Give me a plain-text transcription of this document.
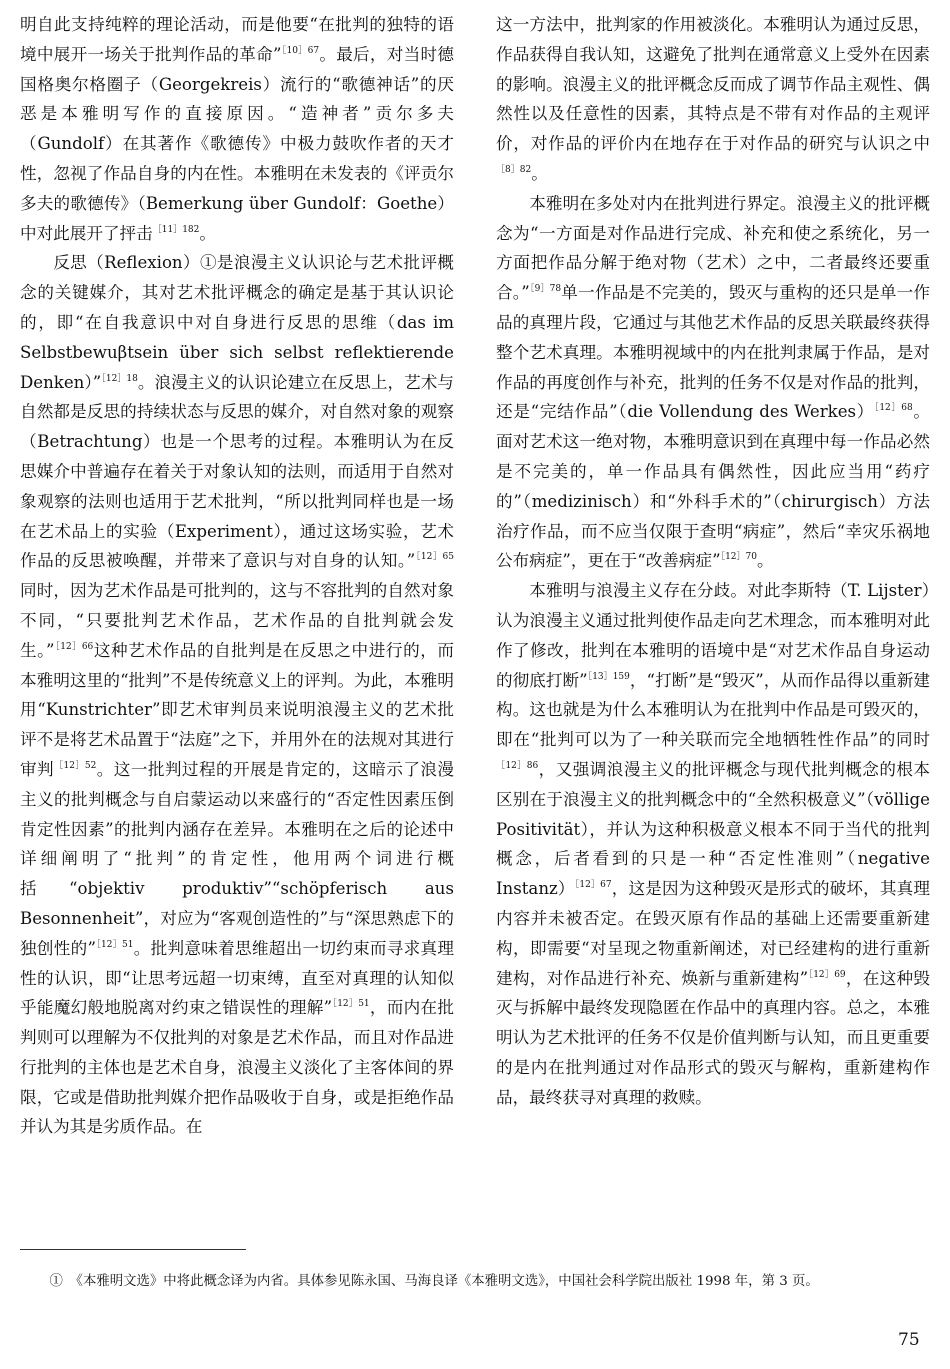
明自此支持纯粹的理论活动，而是他要“在批判的独特的语境中展开一场关于批判作品的革命”$^{[10]67}$。最后，对当时德国格奥尔格圈子（Georgekreis）流行的“歌德神话”的厌恶是本雅明写作的直接原因。“造神者”贡尔多夫（Gundolf）在其著作《歌德传》中极力鼓吹作者的天才性，忽视了作品自身的内在性。本雅明在未发表的《评贡尔多夫的歌德传》（Bemerkung über Gundolf：Goethe）中对此展开了抨击$^{[11]182}$。

反思（Reflexion）①是浪漫主义认识论与艺术批评概念的关键媒介，其对艺术批评概念的确定是基于其认识论的，即“在自我意识中对自身进行反思的思维（das im Selbstbewuβtsein über sich selbst reflektierende Denken）”$^{[12]18}$。浪漫主义的认识论建立在反思上，艺术与自然都是反思的持续状态与反思的媒介，对自然对象的观察（Betrachtung）也是一个思考的过程。本雅明认为在反思媒介中普遍存在着关于对象认知的法则，而适用于自然对象观察的法则也适用于艺术批判，“所以批判同样也是一场在艺术品上的实验（Experiment），通过这场实验，艺术作品的反思被唤醒，并带来了意识与对自身的认知。”$^{[12]65}$同时，因为艺术作品是可批判的，这与不容批判的自然对象不同，“只要批判艺术作品，艺术作品的自批判就会发生。”$^{[12]66}$这种艺术作品的自批判是在反思之中进行的，而本雅明这里的“批判”不是传统意义上的评判。为此，本雅明用“Kunstrichter”即艺术审判员来说明浪漫主义的艺术批评不是将艺术品置于“法庭”之下，并用外在的法规对其进行审判$^{[12]52}$。这一批判过程的开展是肯定的，这暗示了浪漫主义的批判概念与自启蒙运动以来盛行的“否定性因素压倒肯定性因素”的批判内涵存在差异。本雅明在之后的论述中详细阐明了“批判”的肯定性，他用两个词进行概括“objektiv produktiv”“schöpferisch aus Besonnenheit”，对应为“客观创造性的”与“深思熟虑下的独创性的”$^{[12]51}$。批判意味着思维超出一切约束而寻求真理性的认识，即“让思考远超一切束缚，直至对真理的认知似乎能魔幻般地脱离对约束之错误性的理解”$^{[12]51}$，而内在批判则可以理解为不仅批判的对象是艺术作品，而且对作品进行批判的主体也是艺术自身，浪漫主义淡化了主客体间的界限，它或是借助批判媒介把作品吸收于自身，或是拒绝作品并认为其是劣质作品。在

这一方法中，批判家的作用被淡化。本雅明认为通过反思，作品获得自我认知，这避免了批判在通常意义上受外在因素的影响。浪漫主义的批评概念反而成了调节作品主观性、偶然性以及任意性的因素，其特点是不带有对作品的主观评价，对作品的评价内在地存在于对作品的研究与认识之中$^{[8]82}$。

本雅明在多处对内在批判进行界定。浪漫主义的批评概念为“一方面是对作品进行完成、补充和使之系统化，另一方面把作品分解于绝对物（艺术）之中，二者最终还要重合。”$^{[9]78}$单一作品是不完美的，毁灭与重构的还只是单一作品的真理片段，它通过与其他艺术作品的反思关联最终获得整个艺术真理。本雅明视域中的内在批判隶属于作品，是对作品的再度创作与补充，批判的任务不仅是对作品的批判，还是“完结作品”（die Vollendung des Werkes）$^{[12]68}$。面对艺术这一绝对物，本雅明意识到在真理中每一作品必然是不完美的，单一作品具有偶然性，因此应当用“药疗的”（medizinisch）和“外科手术的”（chirurgisch）方法治疗作品，而不应当仅限于查明“病症”，然后“幸灾乐祸地公布病症”，更在于“改善病症”$^{[12]70}$。

本雅明与浪漫主义存在分歧。对此李斯特（T. Lijster）认为浪漫主义通过批判使作品走向艺术理念，而本雅明对此作了修改，批判在本雅明的语境中是“对艺术作品自身运动的彻底打断”$^{[13]159}$，“打断”是“毁灭”，从而作品得以重新建构。这也就是为什么本雅明认为在批判中作品是可毁灭的，即在“批判可以为了一种关联而完全地牺牲性作品”的同时$^{[12]86}$，又强调浪漫主义的批评概念与现代批判概念的根本区别在于浪漫主义的批判概念中的“全然积极意义”（völlige Positivität），并认为这种积极意义根本不同于当代的批判概念，后者看到的只是一种“否定性准则”（negative Instanz）$^{[12]67}$，这是因为这种毁灭是形式的破坏，其真理内容并未被否定。在毁灭原有作品的基础上还需要重新建构，即需要“对呈现之物重新阐述，对已经建构的进行重新建构，对作品进行补充、焕新与重新建构”$^{[12]69}$，在这种毁灭与拆解中最终发现隐匿在作品中的真理内容。总之，本雅明认为艺术批评的任务不仅是价值判断与认知，而且更重要的是内在批判通过对作品形式的毁灭与解构，重新建构作品，最终获寻对真理的救赎。

①　《本雅明文选》中将此概念译为内省。具体参见陈永国、马海良译《本雅明文选》，中国社会科学院出版社 1998 年，第 3 页。
75
